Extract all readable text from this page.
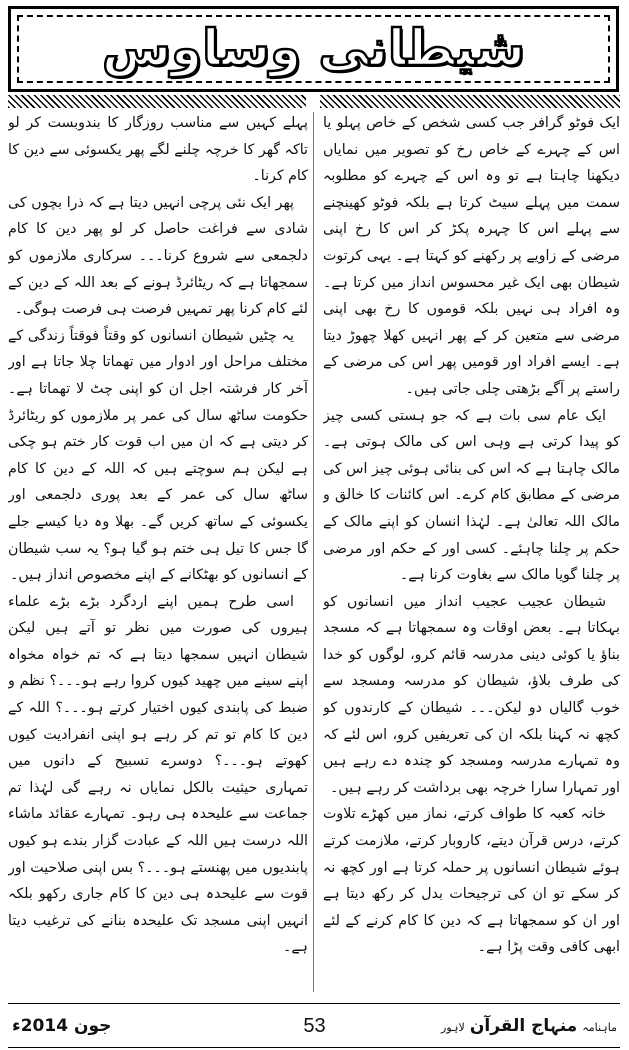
شیطانی وساوس

ایک فوٹو گرافر جب کسی شخص کے خاص پہلو یا اس کے چہرے کے خاص رخ کو تصویر میں نمایاں دیکھنا چاہتا ہے تو وہ اس کے چہرے کو مطلوبہ سمت میں پہلے سیٹ کرتا ہے بلکہ فوٹو کھینچنے سے پہلے اس کا چہرہ پکڑ کر اس کا رخ اپنی مرضی کے زاویے پر رکھنے کو کہتا ہے۔ یہی کرتوت شیطان بھی ایک غیر محسوس انداز میں کرتا ہے۔ وہ افراد ہی نہیں بلکہ قوموں کا رخ بھی اپنی مرضی سے متعین کر کے پھر انہیں کھلا چھوڑ دیتا ہے۔ ایسے افراد اور قومیں پھر اس کی مرضی کے راستے پر آگے بڑھتی چلی جاتی ہیں۔

ایک عام سی بات ہے کہ جو ہستی کسی چیز کو پیدا کرتی ہے وہی اس کی مالک ہوتی ہے۔ مالک چاہتا ہے کہ اس کی بنائی ہوئی چیز اس کی مرضی کے مطابق کام کرے۔ اس کائنات کا خالق و مالک اللہ تعالیٰ ہے۔ لہٰذا انسان کو اپنے مالک کے حکم پر چلنا چاہئے۔ کسی اور کے حکم اور مرضی پر چلنا گویا مالک سے بغاوت کرنا ہے۔

شیطان عجیب عجیب انداز میں انسانوں کو بہکاتا ہے۔ بعض اوقات وہ سمجھاتا ہے کہ مسجد بناؤ یا کوئی دینی مدرسہ قائم کرو، لوگوں کو خدا کی طرف بلاؤ، شیطان کو مدرسہ ومسجد سے خوب گالیاں دو لیکن۔۔۔ شیطان کے کارندوں کو کچھ نہ کہنا بلکہ ان کی تعریفیں کرو، اس لئے کہ وہ تمہارے مدرسہ ومسجد کو چندہ دے رہے ہیں اور تمہارا سارا خرچہ بھی برداشت کر رہے ہیں۔

خانہ کعبہ کا طواف کرتے، نماز میں کھڑے تلاوت کرتے، درس قرآن دیتے، کاروبار کرتے، ملازمت کرتے ہوئے شیطان انسانوں پر حملہ کرتا ہے اور کچھ نہ کر سکے تو ان کی ترجیحات بدل کر رکھ دیتا ہے اور ان کو سمجھاتا ہے کہ دین کا کام کرنے کے لئے ابھی کافی وقت پڑا ہے۔

پہلے کہیں سے مناسب روزگار کا بندوبست کر لو تاکہ گھر کا خرچہ چلنے لگے پھر یکسوئی سے دین کا کام کرنا۔

پھر ایک نئی پرچی انہیں دیتا ہے کہ ذرا بچوں کی شادی سے فراغت حاصل کر لو پھر دین کا کام دلجمعی سے شروع کرنا۔۔۔ سرکاری ملازموں کو سمجھاتا ہے کہ ریٹائرڈ ہونے کے بعد اللہ کے دین کے لئے کام کرنا پھر تمہیں فرصت ہی فرصت ہوگی۔

یہ چٹیں شیطان انسانوں کو وقتاً فوقتاً زندگی کے مختلف مراحل اور ادوار میں تھماتا چلا جاتا ہے اور آخر کار فرشتہ اجل ان کو اپنی چٹ لا تھماتا ہے۔ حکومت ساٹھ سال کی عمر پر ملازموں کو ریٹائرڈ کر دیتی ہے کہ ان میں اب قوت کار ختم ہو چکی ہے لیکن ہم سوچتے ہیں کہ اللہ کے دین کا کام ساٹھ سال کی عمر کے بعد پوری دلجمعی اور یکسوئی کے ساتھ کریں گے۔ بھلا وہ دیا کیسے جلے گا جس کا تیل ہی ختم ہو گیا ہو؟ یہ سب شیطان کے انسانوں کو بھٹکانے کے اپنے مخصوص انداز ہیں۔

اسی طرح ہمیں اپنے اردگرد بڑے بڑے علماء ہیروں کی صورت میں نظر تو آتے ہیں لیکن شیطان انہیں سمجھا دیتا ہے کہ تم خواہ مخواہ اپنے سینے میں چھید کیوں کروا رہے ہو۔۔۔؟ نظم و ضبط کی پابندی کیوں اختیار کرتے ہو۔۔۔؟ اللہ کے دین کا کام تو تم کر رہے ہو اپنی انفرادیت کیوں کھوتے ہو۔۔۔؟ دوسرے تسبیح کے دانوں میں تمہاری حیثیت بالکل نمایاں نہ رہے گی لہٰذا تم جماعت سے علیحدہ ہی رہو۔ تمہارے عقائد ماشاء اللہ درست ہیں اللہ کے عبادت گزار بندے ہو کیوں پابندیوں میں پھنستے ہو۔۔۔؟ بس اپنی صلاحیت اور قوت سے علیحدہ ہی دین کا کام جاری رکھو بلکہ انہیں اپنی مسجد تک علیحدہ بنانے کی ترغیب دیتا ہے۔

ماہنامہ منہاج القرآن لاہور
53
جون 2014ء
